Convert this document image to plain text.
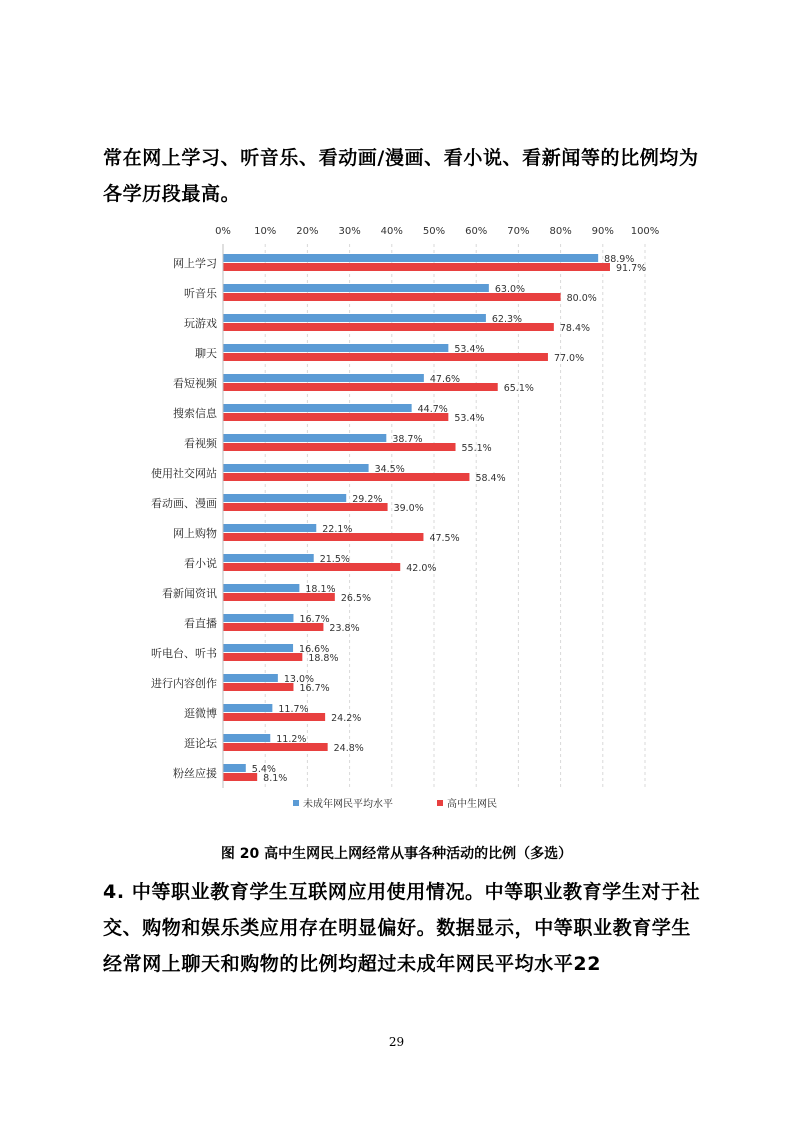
常在网上学习、听音乐、看动画/漫画、看小说、看新闻等的比例均为各学历段最高。

0% 10% 20% 30% 40% 50% 60% 70% 80% 90% 100%
网上学习
听音乐
玩游戏
聊天
看短视频
搜索信息
看视频
使用社交网站
看动画、漫画
网上购物
看小说
看新闻资讯
看直播
听电台、听书
进行内容创作
逛微博
逛论坛
粉丝应援
88.9%
91.7%
63.0%
80.0%
62.3%
78.4%
53.4%
77.0%
47.6%
65.1%
44.7%
53.4%
38.7%
55.1%
34.5%
58.4%
29.2%
39.0%
22.1%
47.5%
21.5%
42.0%
18.1%
26.5%
16.7%
23.8%
16.6%
18.8%
13.0%
16.7%
11.7%
24.2%
11.2%
24.8%
5.4%
8.1%
未成年网民平均水平	高中生网民
图 20 高中生网民上网经常从事各种活动的比例（多选）

4. 中等职业教育学生互联网应用使用情况。中等职业教育学生对于社交、购物和娱乐类应用存在明显偏好。数据显示，中等职业教育学生经常网上聊天和购物的比例均超过未成年网民平均水平22

29
